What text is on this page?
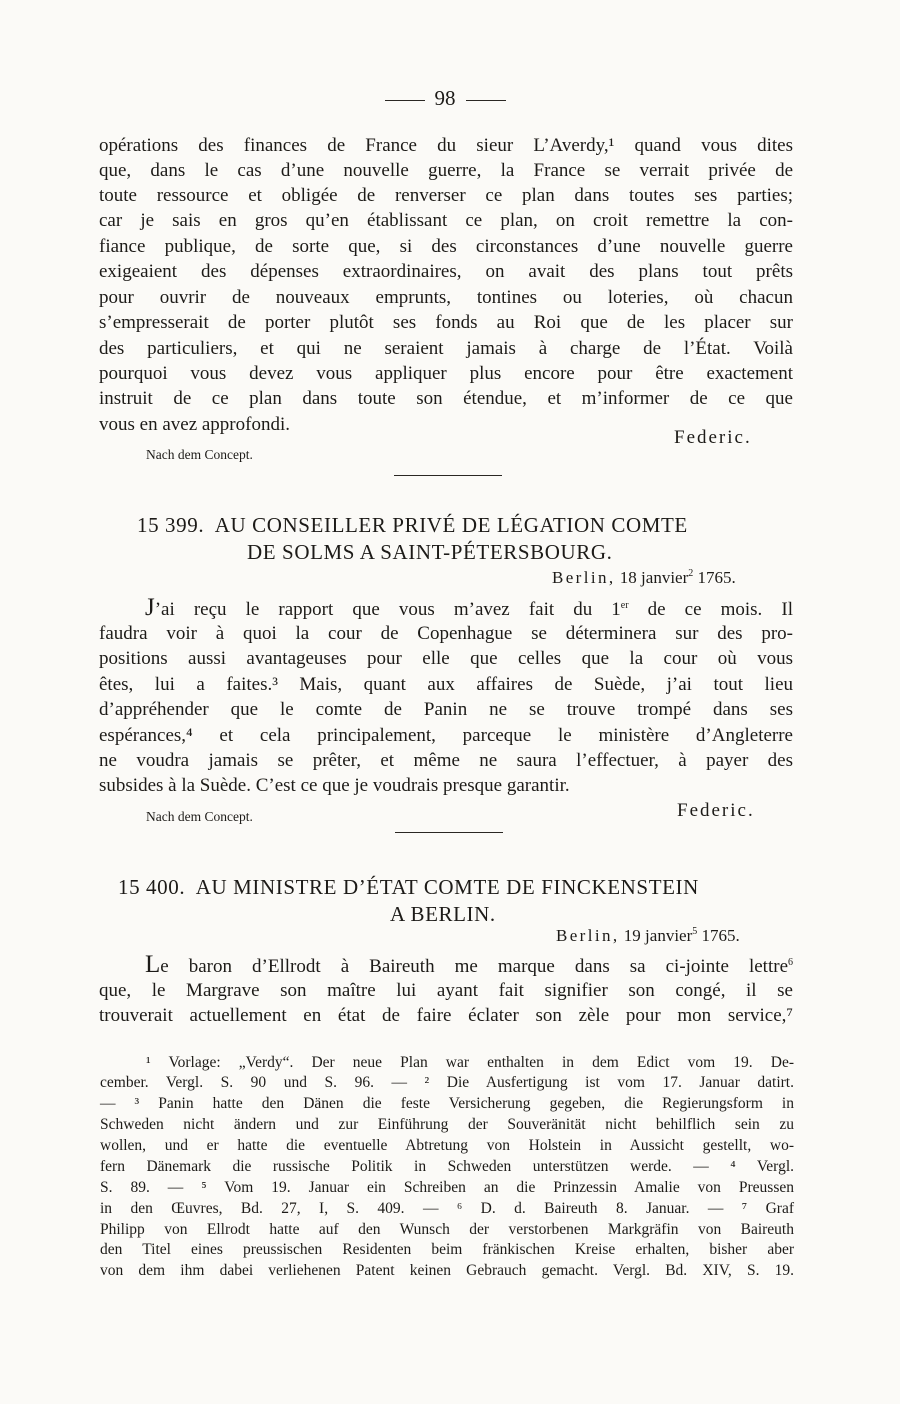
98
opérations des finances de France du sieur L’Averdy,¹ quand vous dites
que, dans le cas d’une nouvelle guerre, la France se verrait privée de
toute ressource et obligée de renverser ce plan dans toutes ses parties;
car je sais en gros qu’en établissant ce plan, on croit remettre la con-
fiance publique, de sorte que, si des circonstances d’une nouvelle guerre
exigeaient des dépenses extraordinaires, on avait des plans tout prêts
pour ouvrir de nouveaux emprunts, tontines ou loteries, où chacun
s’empresserait de porter plutôt ses fonds au Roi que de les placer sur
des particuliers, et qui ne seraient jamais à charge de l’État. Voilà
pourquoi vous devez vous appliquer plus encore pour être exactement
instruit de ce plan dans toute son étendue, et m’informer de ce que
vous en avez approfondi.
Federic.
Nach dem Concept.
15 399. AU CONSEILLER PRIVÉ DE LÉGATION COMTE
DE SOLMS A SAINT-PÉTERSBOURG.
Berlin, 18 janvier$^2$ 1765.
J’ai reçu le rapport que vous m’avez fait du 1er de ce mois. Il
faudra voir à quoi la cour de Copenhague se déterminera sur des pro-
positions aussi avantageuses pour elle que celles que la cour où vous
êtes, lui a faites.³ Mais, quant aux affaires de Suède, j’ai tout lieu
d’appréhender que le comte de Panin ne se trouve trompé dans ses
espérances,⁴ et cela principalement, parceque le ministère d’Angleterre
ne voudra jamais se prêter, et même ne saura l’effectuer, à payer des
subsides à la Suède. C’est ce que je voudrais presque garantir.
Nach dem Concept.	Federic.
15 400. AU MINISTRE D’ÉTAT COMTE DE FINCKENSTEIN
A BERLIN.
Berlin, 19 janvier$^5$ 1765.
Le baron d’Ellrodt à Baireuth me marque dans sa ci-jointe lettre$^6$
que, le Margrave son maître lui ayant fait signifier son congé, il se
trouverait actuellement en état de faire éclater son zèle pour mon service,⁷
¹ Vorlage: „Verdy“. Der neue Plan war enthalten in dem Edict vom 19. De-
cember. Vergl. S. 90 und S. 96. — ² Die Ausfertigung ist vom 17. Januar datirt.
— ³ Panin hatte den Dänen die feste Versicherung gegeben, die Regierungsform in
Schweden nicht ändern und zur Einführung der Souveränität nicht behilflich sein zu
wollen, und er hatte die eventuelle Abtretung von Holstein in Aussicht gestellt, wo-
fern Dänemark die russische Politik in Schweden unterstützen werde. — ⁴ Vergl.
S. 89. — ⁵ Vom 19. Januar ein Schreiben an die Prinzessin Amalie von Preussen
in den Œuvres, Bd. 27, I, S. 409. — ⁶ D. d. Baireuth 8. Januar. — ⁷ Graf
Philipp von Ellrodt hatte auf den Wunsch der verstorbenen Markgräfin von Baireuth
den Titel eines preussischen Residenten beim fränkischen Kreise erhalten, bisher aber
von dem ihm dabei verliehenen Patent keinen Gebrauch gemacht. Vergl. Bd. XIV, S. 19.
